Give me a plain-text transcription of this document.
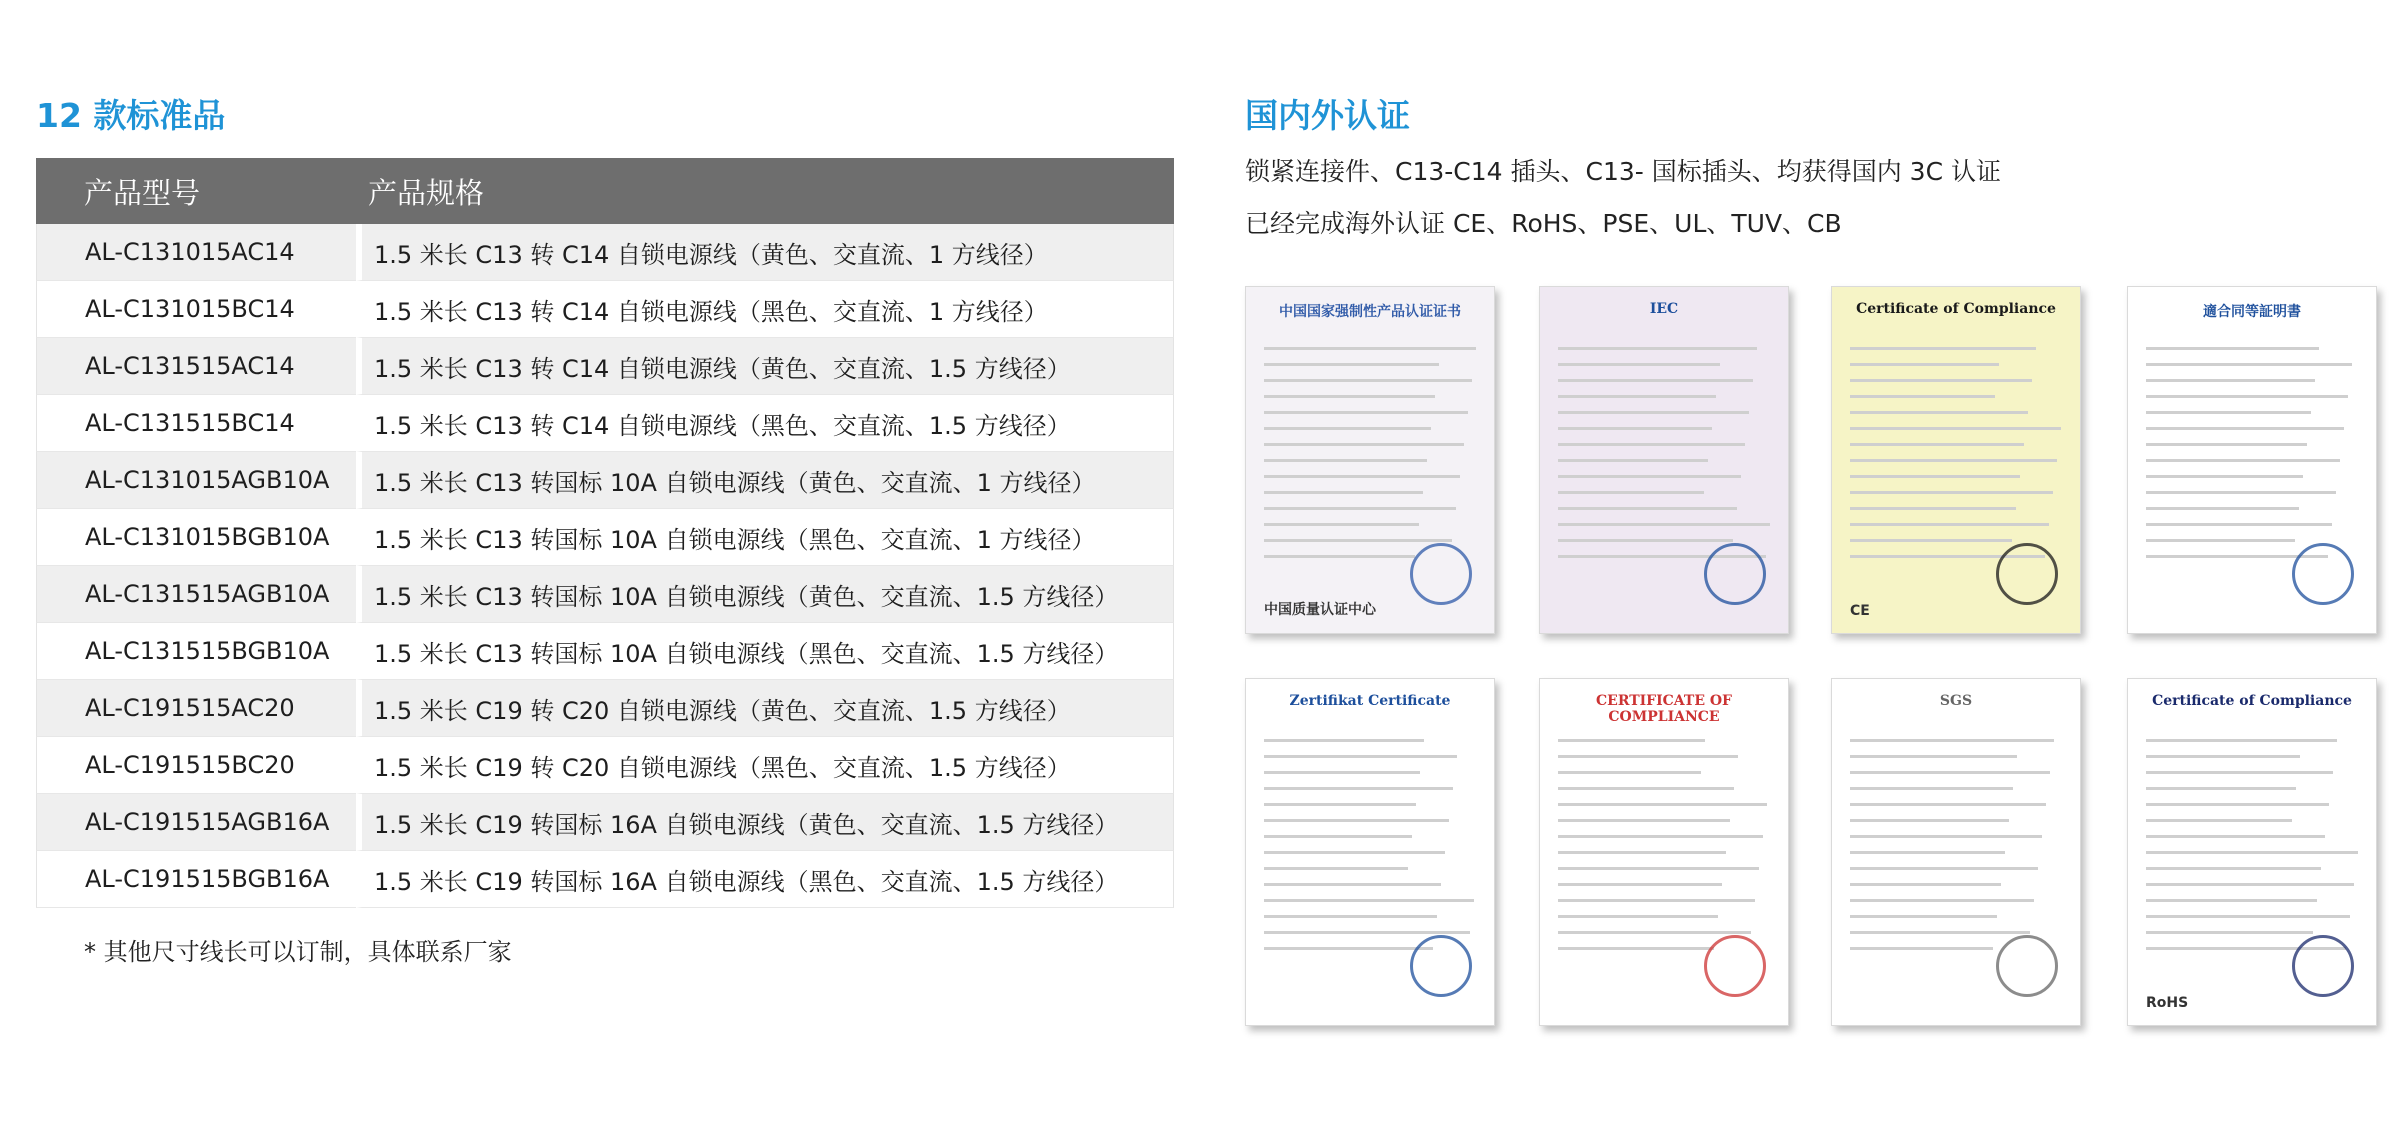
12 款标准品
产品型号	产品规格
AL-C131015AC14	1.5 米长 C13 转 C14 自锁电源线（黄色、交直流、1 方线径）
AL-C131015BC14	1.5 米长 C13 转 C14 自锁电源线（黑色、交直流、1 方线径）
AL-C131515AC14	1.5 米长 C13 转 C14 自锁电源线（黄色、交直流、1.5 方线径）
AL-C131515BC14	1.5 米长 C13 转 C14 自锁电源线（黑色、交直流、1.5 方线径）
AL-C131015AGB10A	1.5 米长 C13 转国标 10A 自锁电源线（黄色、交直流、1 方线径）
AL-C131015BGB10A	1.5 米长 C13 转国标 10A 自锁电源线（黑色、交直流、1 方线径）
AL-C131515AGB10A	1.5 米长 C13 转国标 10A 自锁电源线（黄色、交直流、1.5 方线径）
AL-C131515BGB10A	1.5 米长 C13 转国标 10A 自锁电源线（黑色、交直流、1.5 方线径）
AL-C191515AC20	1.5 米长 C19 转 C20 自锁电源线（黄色、交直流、1.5 方线径）
AL-C191515BC20	1.5 米长 C19 转 C20 自锁电源线（黑色、交直流、1.5 方线径）
AL-C191515AGB16A	1.5 米长 C19 转国标 16A 自锁电源线（黄色、交直流、1.5 方线径）
AL-C191515BGB16A	1.5 米长 C19 转国标 16A 自锁电源线（黑色、交直流、1.5 方线径）
* 其他尺寸线长可以订制，具体联系厂家
国内外认证
锁紧连接件、C13-C14 插头、C13- 国标插头、均获得国内 3C 认证
已经完成海外认证 CE、RoHS、PSE、UL、TUV、CB
中国国家强制性产品认证证书
中国质量认证中心
IEC	Certificate of Compliance
CE
適合同等証明書
Zertifikat Certificate	CERTIFICATE OF COMPLIANCE
SGS	Certificate of Compliance
RoHS
